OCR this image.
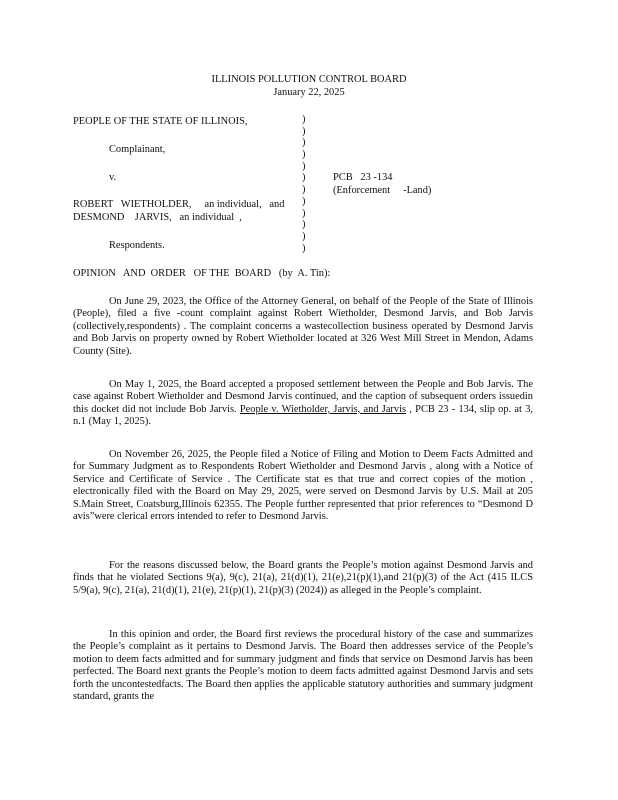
ILLINOIS POLLUTION CONTROL BOARD
January 22, 2025
PEOPLE OF THE STATE OF ILLINOIS,
Complainant,
v.
ROBERT   WIETHOLDER,     an individual,   and
DESMOND    JARVIS,   an individual  ,
Respondents.
)
)
)
)
)
)
)
)
)
)
)
)
PCB   23 -134
(Enforcement     -Land)
OPINION   AND  ORDER   OF THE  BOARD   (by  A. Tin):

On June 29, 2023, the Office of the Attorney General, on behalf of the People of the State of Illinois (People), filed a five -count complaint against Robert Wietholder, Desmond Jarvis, and Bob Jarvis (collectively,respondents) . The complaint concerns a wastecollection business operated by Desmond Jarvis and Bob Jarvis on property owned by Robert Wietholder located at 326 West Mill Street in Mendon, Adams County (Site).

On May 1, 2025, the Board accepted a proposed settlement between the People and Bob Jarvis. The case against Robert Wietholder and Desmond Jarvis continued, and the caption of subsequent orders issuedin this docket did not include Bob Jarvis. People v. Wietholder, Jarvis, and Jarvis , PCB 23 - 134, slip op. at 3, n.1 (May 1, 2025).

On November 26, 2025, the People filed a Notice of Filing and Motion to Deem Facts Admitted and for Summary Judgment as to Respondents Robert Wietholder and Desmond Jarvis , along with a Notice of Service and Certificate of Service . The Certificate stat es that true and correct copies of the motion , electronically filed with the Board on May 29, 2025, were served on Desmond Jarvis by U.S. Mail at 205 S.Main Street, Coatsburg,Illinois 62355. The People further represented that prior references to “Desmond D avis”were clerical errors intended to refer to Desmond Jarvis.

For the reasons discussed below, the Board grants the People’s motion against Desmond Jarvis and finds that he violated Sections 9(a), 9(c), 21(a), 21(d)(1), 21(e),21(p)(1),and 21(p)(3) of the Act (415 ILCS 5/9(a), 9(c), 21(a), 21(d)(1), 21(e), 21(p)(1), 21(p)(3) (2024)) as alleged in the People’s complaint.

In this opinion and order, the Board first reviews the procedural history of the case and summarizes the People’s complaint as it pertains to Desmond Jarvis. The Board then addresses service of the People’s motion to deem facts admitted and for summary judgment and finds that service on Desmond Jarvis has been perfected. The Board next grants the People’s motion to deem facts admitted against Desmond Jarvis and sets forth the uncontestedfacts. The Board then applies the applicable statutory authorities and summary judgment standard, grants the
